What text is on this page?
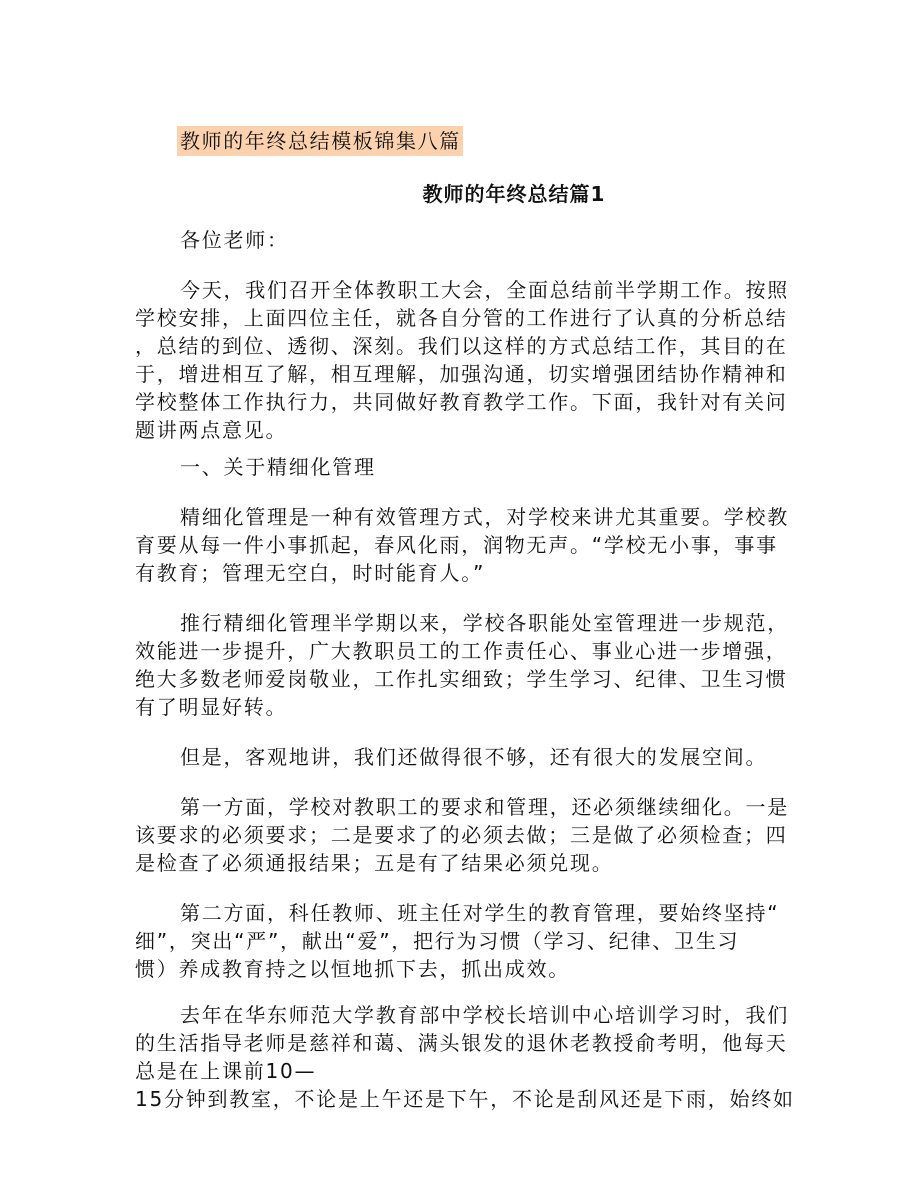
教师的年终总结模板锦集八篇
教师的年终总结篇1
各位老师：
今天，我们召开全体教职工大会，全面总结前半学期工作。按照
学校安排，上面四位主任，就各自分管的工作进行了认真的分析总结
，总结的到位、透彻、深刻。我们以这样的方式总结工作，其目的在
于，增进相互了解，相互理解，加强沟通，切实增强团结协作精神和
学校整体工作执行力，共同做好教育教学工作。下面，我针对有关问
题讲两点意见。
一、关于精细化管理
精细化管理是一种有效管理方式，对学校来讲尤其重要。学校教
育要从每一件小事抓起，春风化雨，润物无声。“学校无小事，事事
有教育；管理无空白，时时能育人。”
推行精细化管理半学期以来，学校各职能处室管理进一步规范，
效能进一步提升，广大教职员工的工作责任心、事业心进一步增强，
绝大多数老师爱岗敬业，工作扎实细致；学生学习、纪律、卫生习惯
有了明显好转。
但是，客观地讲，我们还做得很不够，还有很大的发展空间。
第一方面，学校对教职工的要求和管理，还必须继续细化。一是
该要求的必须要求；二是要求了的必须去做；三是做了必须检查；四
是检查了必须通报结果；五是有了结果必须兑现。
第二方面，科任教师、班主任对学生的教育管理，要始终坚持“
细”，突出“严”，献出“爱”，把行为习惯（学习、纪律、卫生习
惯）养成教育持之以恒地抓下去，抓出成效。
去年在华东师范大学教育部中学校长培训中心培训学习时，我们
的生活指导老师是慈祥和蔼、满头银发的退休老教授俞考明，他每天
总是在上课前10—
15分钟到教室，不论是上午还是下午，不论是刮风还是下雨，始终如
